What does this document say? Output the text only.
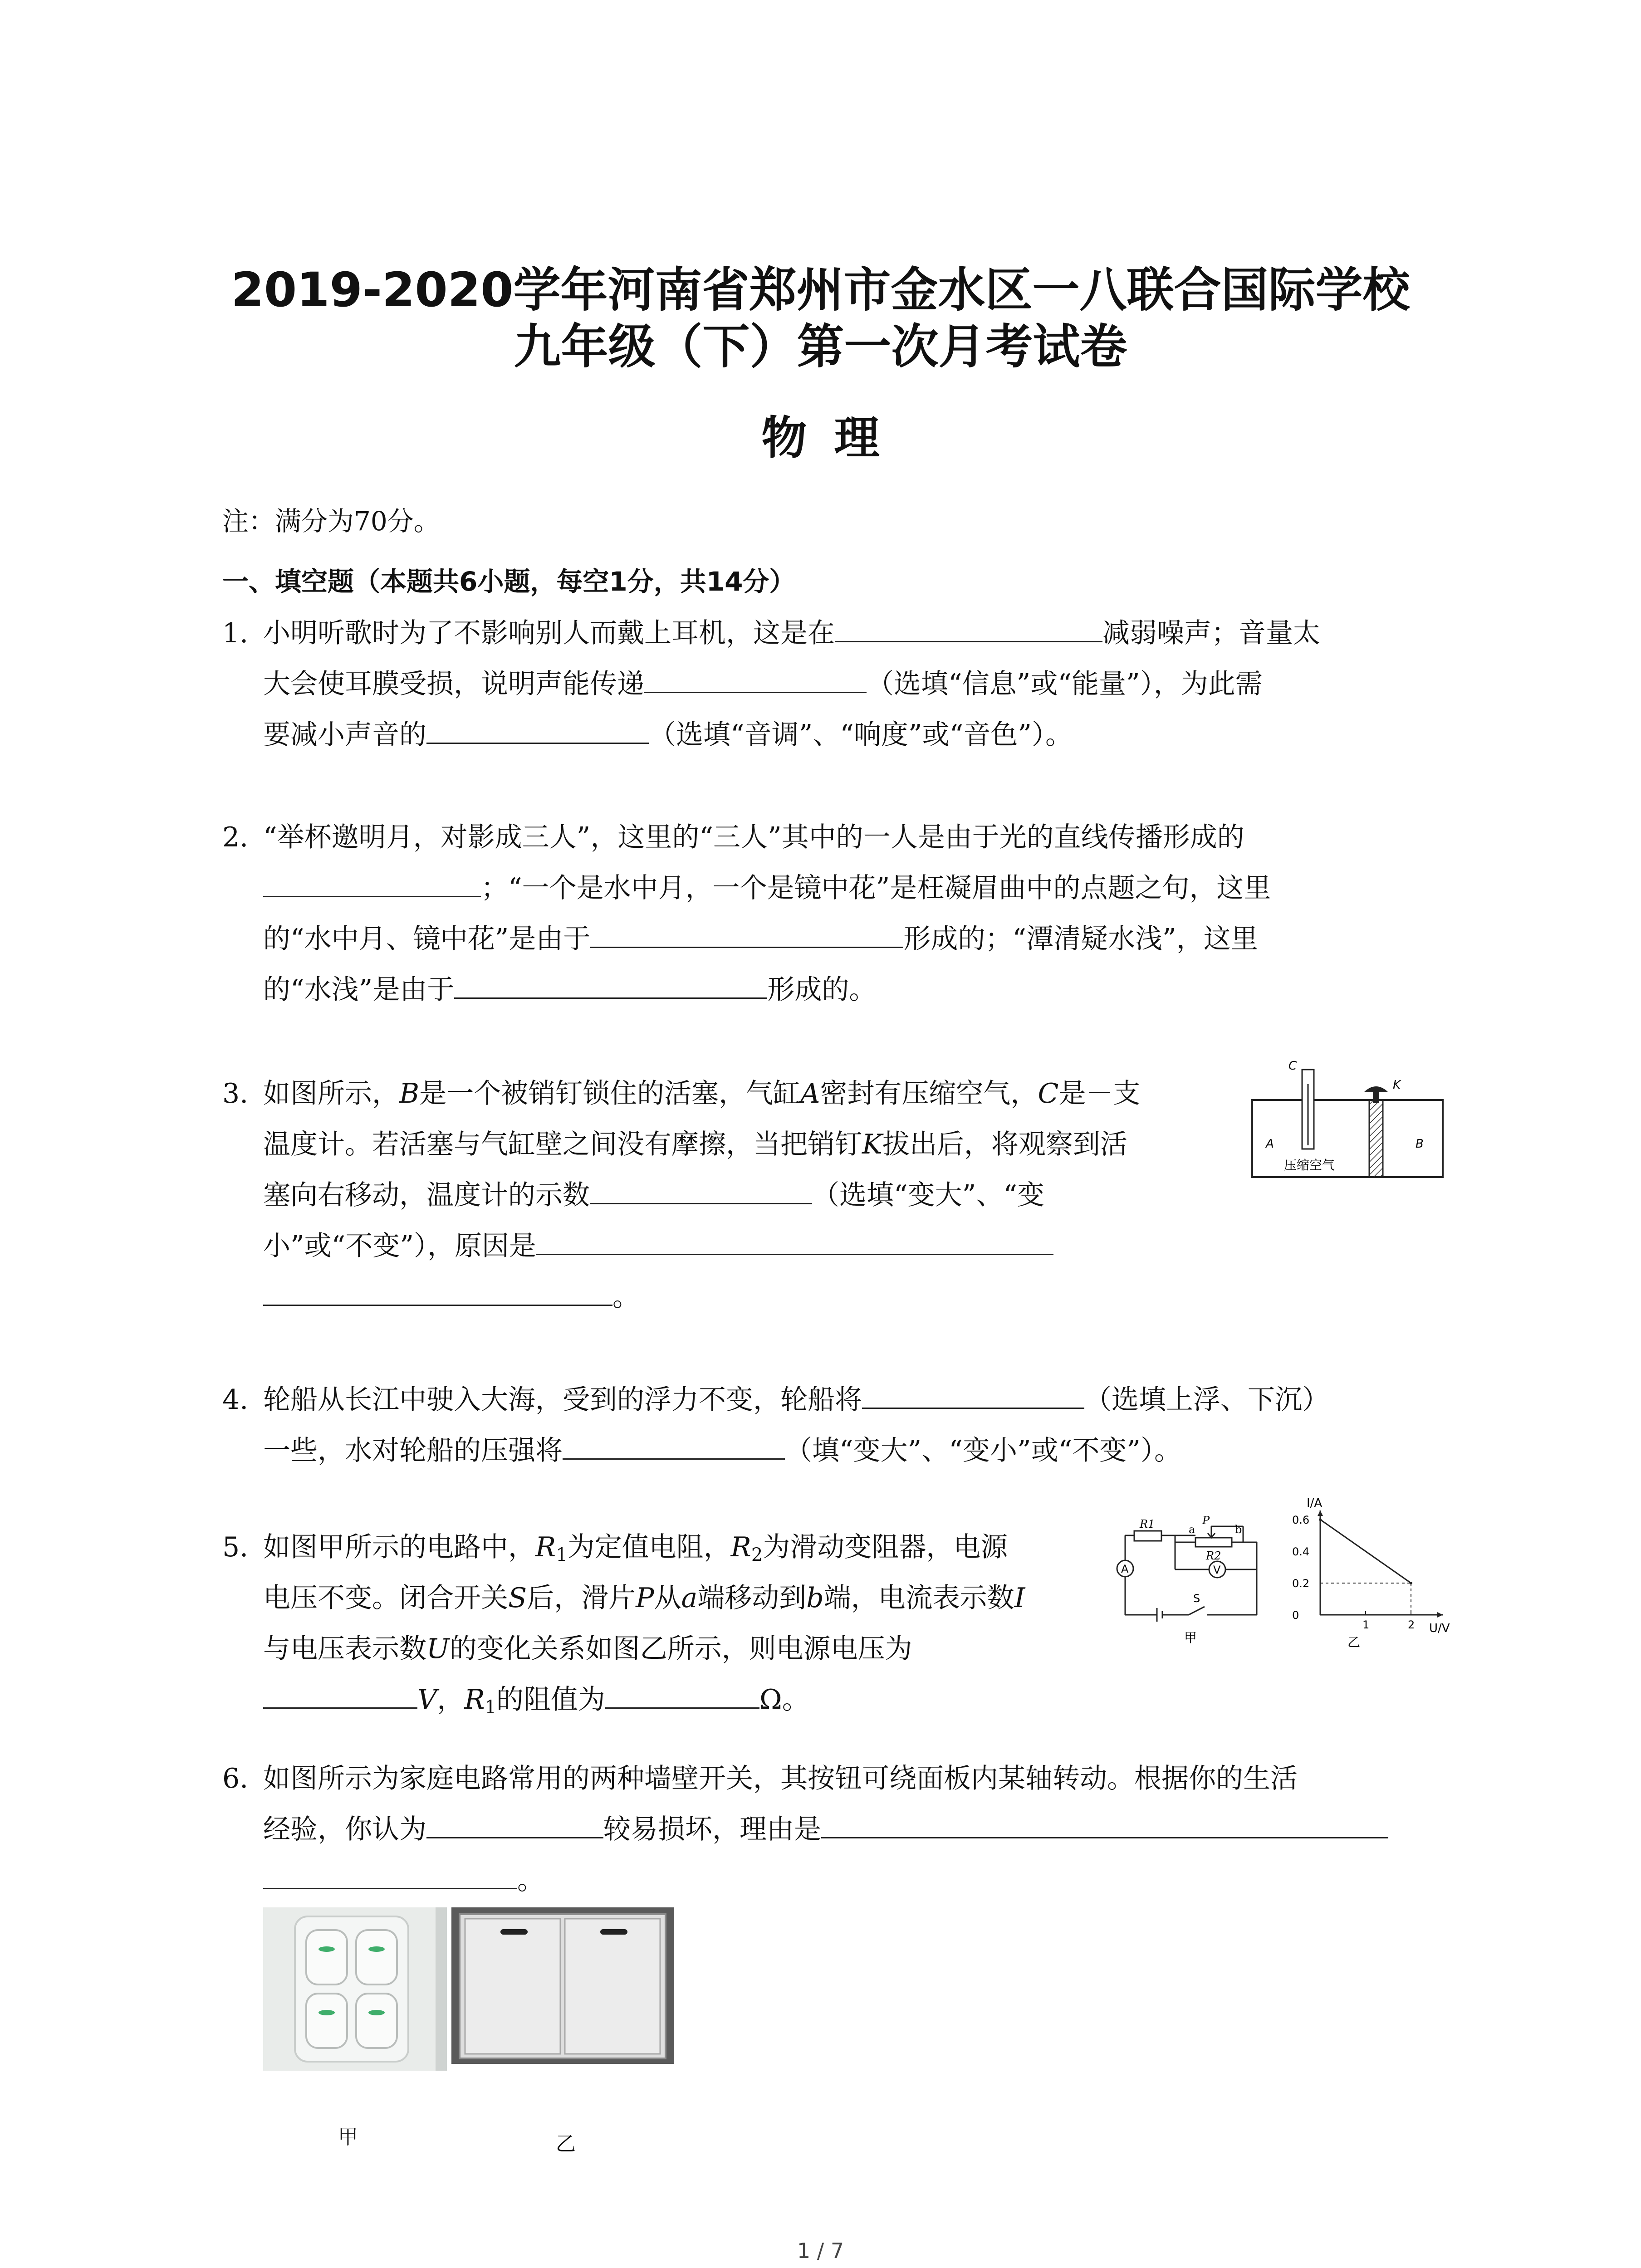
2019-2020学年河南省郑州市金水区一八联合国际学校
九年级（下）第一次月考试卷
物理
注：满分为70分。
一、填空题（本题共6小题，每空1分，共14分）
1. 小明听歌时为了不影响别人而戴上耳机，这是在	减弱噪声；音量太
大会使耳膜受损，说明声能传递	（选填“信息”或“能量”），为此需
要减小声音的	（选填“音调”、“响度”或“音色”）。
2. “举杯邀明月，对影成三人”，这里的“三人”其中的一人是由于光的直线传播形成的
；“一个是水中月，一个是镜中花”是枉凝眉曲中的点题之句，这里
的“水中月、镜中花”是由于	形成的；“潭清疑水浅”，这里
的“水浅”是由于	形成的。
3. 如图所示，B是一个被销钉锁住的活塞，气缸A密封有压缩空气，C是－支
温度计。若活塞与气缸壁之间没有摩擦，当把销钉K拔出后，将观察到活
塞向右移动，温度计的示数	（选填“变大”、“变
小”或“不变”），原因是
。
C
K
A	B
压缩空气
4. 轮船从长江中驶入大海，受到的浮力不变，轮船将	（选填上浮、下沉）
一些，水对轮船的压强将	（填“变大”、“变小”或“不变”）。
5. 如图甲所示的电路中，$R_1$为定值电阻，$R_2$为滑动变阻器，电源
电压不变。闭合开关S后，滑片P从a端移动到b端，电流表示数I
与电压表示数U的变化关系如图乙所示，则电源电压为
V，$R_1$的阻值为	Ω。
R1
R2
P
a	b
A	V
S
甲
I/A
U/V
0.6
0.4
0.2
0
1	2
乙
6. 如图所示为家庭电路常用的两种墙壁开关，其按钮可绕面板内某轴转动。根据你的生活
经验，你认为	较易损坏，理由是
。
甲	乙
1 / 7
